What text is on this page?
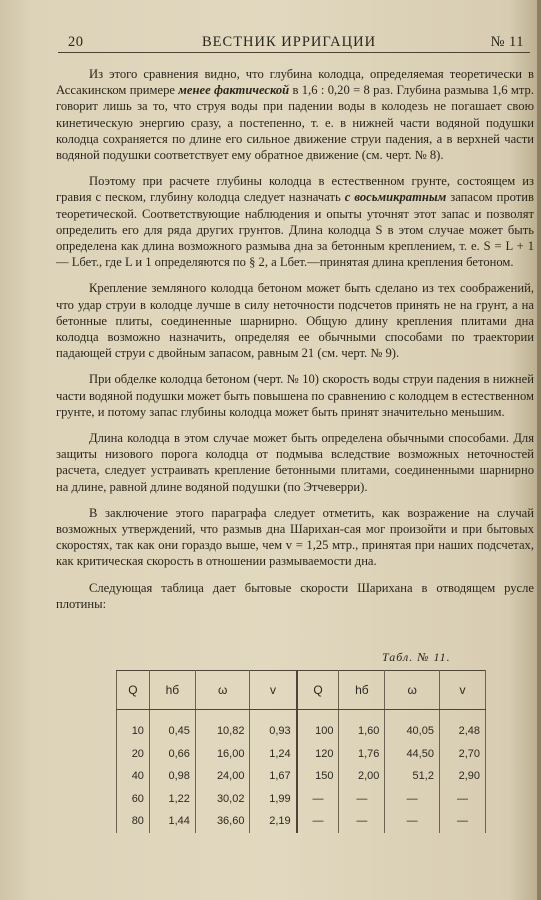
20	ВЕСТНИК ИРРИГАЦИИ	№ 11

Из этого сравнения видно, что глубина колодца, определяемая теоретически в Ассакинском примере менее фактической в 1,6 : 0,20 = 8 раз. Глубина размыва 1,6 мтр. говорит лишь за то, что струя воды при падении воды в колодезь не погашает свою кинетическую энергию сразу, а постепенно, т. е. в нижней части водяной подушки колодца сохраняется по длине его сильное движение струи падения, а в верхней части водяной подушки соответствует ему обратное движение (см. черт. № 8).

Поэтому при расчете глубины колодца в естественном грунте, состоящем из гравия с песком, глубину колодца следует назначать с восьмикратным запасом против теоретической. Соответствующие наблюдения и опыты уточнят этот запас и позволят определить его для ряда других грунтов. Длина колодца S в этом случае может быть определена как длина возможного размыва дна за бетонным креплением, т. е. S = L + 1 — Lбет., где L и 1 определяются по § 2, а Lбет.—принятая длина крепления бетоном.

Крепление земляного колодца бетоном может быть сделано из тех соображений, что удар струи в колодце лучше в силу неточности подсчетов принять не на грунт, а на бетонные плиты, соединенные шарнирно. Общую длину крепления плитами дна колодца возможно назначить, определяя ее обычными способами по траектории падающей струи с двойным запасом, равным 21 (см. черт. № 9).

При обделке колодца бетоном (черт. № 10) скорость воды струи падения в нижней части водяной подушки может быть повышена по сравнению с колодцем в естественном грунте, и потому запас глубины колодца может быть принят значительно меньшим.

Длина колодца в этом случае может быть определена обычными способами. Для защиты низового порога колодца от подмыва вследствие возможных неточностей расчета, следует устраивать крепление бетонными плитами, соединенными шарнирно на длине, равной длине водяной подушки (по Этчеверри).

В заключение этого параграфа следует отметить, как возражение на случай возможных утверждений, что размыв дна Шарихан-сая мог произойти и при бытовых скоростях, так как они гораздо выше, чем v = 1,25 мтр., принятая при наших подсчетах, как критическая скорость в отношении размываемости дна.

Следующая таблица дает бытовые скорости Шарихана в отводящем русле плотины:

Табл. № 11.
Q	hб	ω	v	Q	hб	ω	v
10	0,45	10,82	0,93	100	1,60	40,05	2,48
20	0,66	16,00	1,24	120	1,76	44,50	2,70
40	0,98	24,00	1,67	150	2,00	51,2	2,90
60	1,22	30,02	1,99	—	—	—	—
80	1,44	36,60	2,19	—	—	—	—
